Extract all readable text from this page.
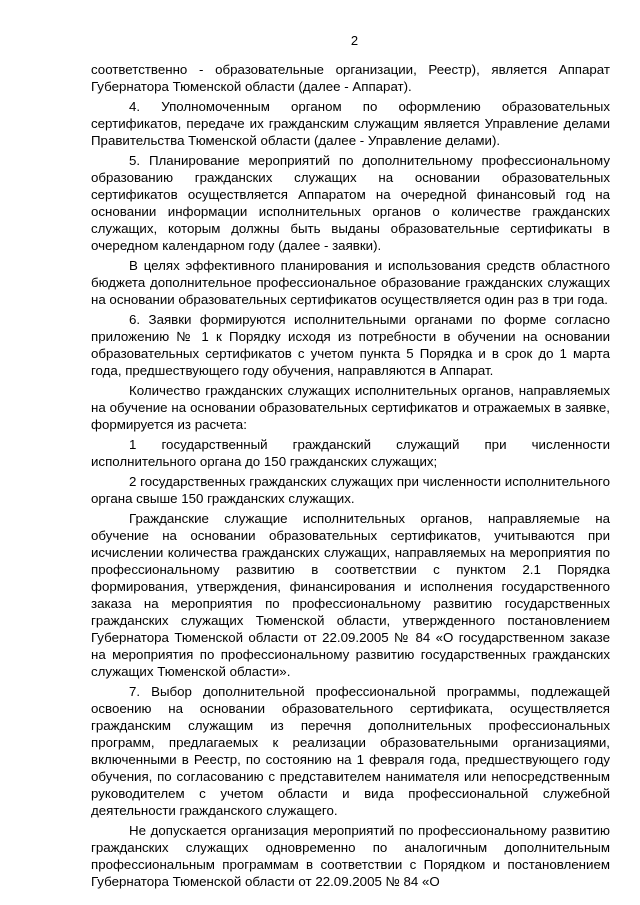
2

соответственно - образовательные организации, Реестр), является Аппарат Губернатора Тюменской области (далее - Аппарат).

4. Уполномоченным органом по оформлению образовательных сертификатов, передаче их гражданским служащим является Управление делами Правительства Тюменской области (далее - Управление делами).

5. Планирование мероприятий по дополнительному профессиональному образованию гражданских служащих на основании образовательных сертификатов осуществляется Аппаратом на очередной финансовый год на основании информации исполнительных органов о количестве гражданских служащих, которым должны быть выданы образовательные сертификаты в очередном календарном году (далее - заявки).

В целях эффективного планирования и использования средств областного бюджета дополнительное профессиональное образование гражданских служащих на основании образовательных сертификатов осуществляется один раз в три года.

6. Заявки формируются исполнительными органами по форме согласно приложению № 1 к Порядку исходя из потребности в обучении на основании образовательных сертификатов с учетом пункта 5 Порядка и в срок до 1 марта года, предшествующего году обучения, направляются в Аппарат.

Количество гражданских служащих исполнительных органов, направляемых на обучение на основании образовательных сертификатов и отражаемых в заявке, формируется из расчета:

1 государственный гражданский служащий при численности исполнительного органа до 150 гражданских служащих;

2 государственных гражданских служащих при численности исполнительного органа свыше 150 гражданских служащих.

Гражданские служащие исполнительных органов, направляемые на обучение на основании образовательных сертификатов, учитываются при исчислении количества гражданских служащих, направляемых на мероприятия по профессиональному развитию в соответствии с пунктом 2.1 Порядка формирования, утверждения, финансирования и исполнения государственного заказа на мероприятия по профессиональному развитию государственных гражданских служащих Тюменской области, утвержденного постановлением Губернатора Тюменской области от 22.09.2005 № 84 «О государственном заказе на мероприятия по профессиональному развитию государственных гражданских служащих Тюменской области».

7. Выбор дополнительной профессиональной программы, подлежащей освоению на основании образовательного сертификата, осуществляется гражданским служащим из перечня дополнительных профессиональных программ, предлагаемых к реализации образовательными организациями, включенными в Реестр, по состоянию на 1 февраля года, предшествующего году обучения, по согласованию с представителем нанимателя или непосредственным руководителем с учетом области и вида профессиональной служебной деятельности гражданского служащего.

Не допускается организация мероприятий по профессиональному развитию гражданских служащих одновременно по аналогичным дополнительным профессиональным программам в соответствии с Порядком и постановлением Губернатора Тюменской области от 22.09.2005 № 84 «О
